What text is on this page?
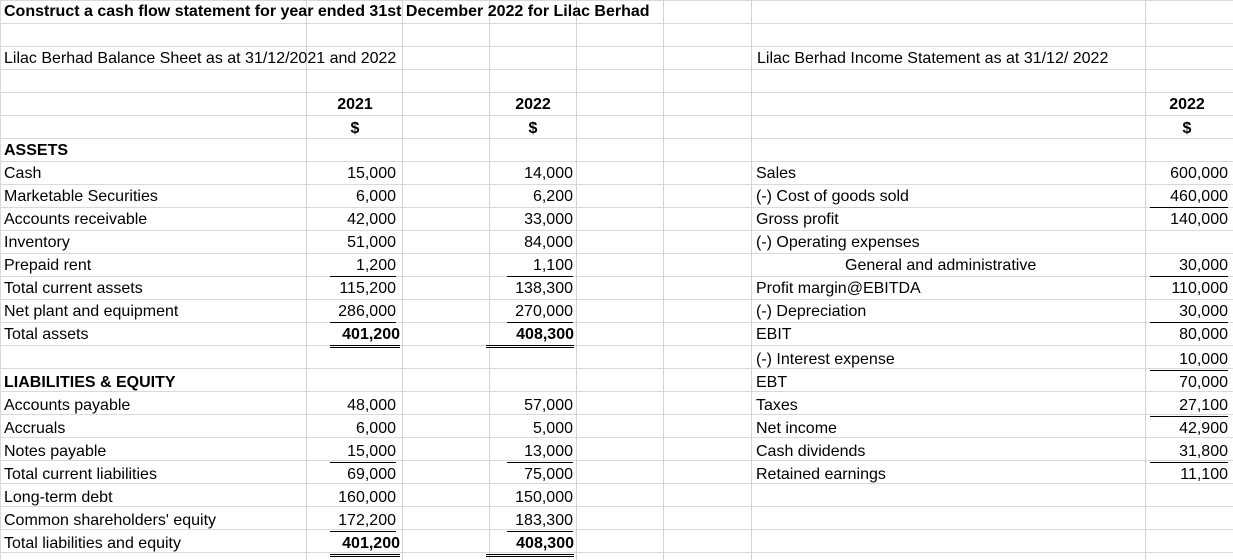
Construct a cash flow statement for year ended 31st December 2022 for Lilac Berhad
Lilac Berhad Balance Sheet as at 31/12/2021 and 2022	Lilac Berhad Income Statement as at 31/12/ 2022
2021	2022	2022
$	$	$
ASSETS
Cash	15,000	14,000
Marketable Securities	6,000	6,200
Accounts receivable	42,000	33,000
Inventory	51,000	84,000
Prepaid rent	1,200	1,100
Total current assets	115,200	138,300
Net plant and equipment	286,000	270,000
Total assets	401,200	408,300
LIABILITIES & EQUITY
Accounts payable	48,000	57,000
Accruals	6,000	5,000
Notes payable	15,000	13,000
Total current liabilities	69,000	75,000
Long-term debt	160,000	150,000
Common shareholders' equity	172,200	183,300
Total liabilities and equity	401,200	408,300
Sales	600,000
(-) Cost of goods sold	460,000
Gross profit	140,000
(-) Operating expenses
General and administrative	30,000
Profit margin@EBITDA	110,000
(-) Depreciation	30,000
EBIT	80,000
(-) Interest expense	10,000
EBT	70,000
Taxes	27,100
Net income	42,900
Cash dividends	31,800
Retained earnings	11,100
